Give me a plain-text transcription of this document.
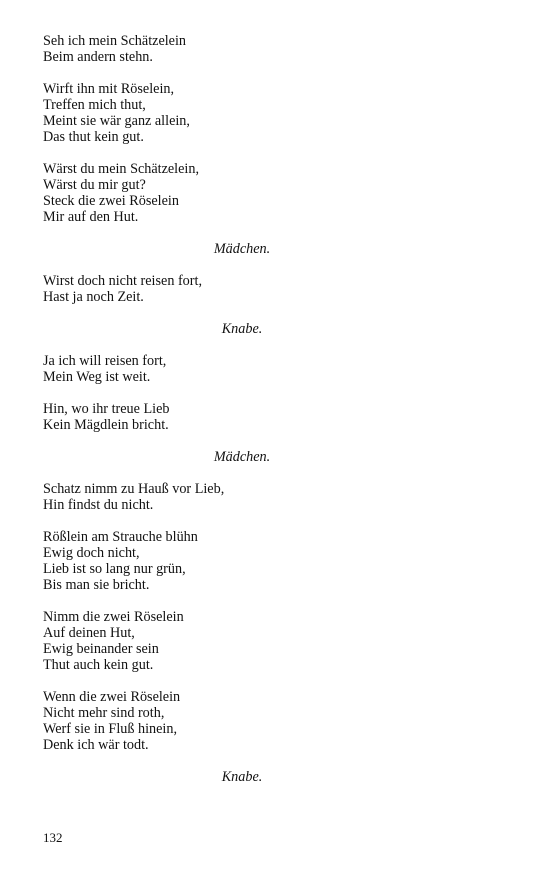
Seh ich mein Schätzelein
Beim andern stehn.
Wirft ihn mit Röselein,
Treffen mich thut,
Meint sie wär ganz allein,
Das thut kein gut.
Wärst du mein Schätzelein,
Wärst du mir gut?
Steck die zwei Röselein
Mir auf den Hut.
Mädchen.
Wirst doch nicht reisen fort,
Hast ja noch Zeit.
Knabe.
Ja ich will reisen fort,
Mein Weg ist weit.
Hin, wo ihr treue Lieb
Kein Mägdlein bricht.
Mädchen.
Schatz nimm zu Hauß vor Lieb,
Hin findst du nicht.
Rößlein am Strauche blühn
Ewig doch nicht,
Lieb ist so lang nur grün,
Bis man sie bricht.
Nimm die zwei Röselein
Auf deinen Hut,
Ewig beinander sein
Thut auch kein gut.
Wenn die zwei Röselein
Nicht mehr sind roth,
Werf sie in Fluß hinein,
Denk ich wär todt.
Knabe.
132
